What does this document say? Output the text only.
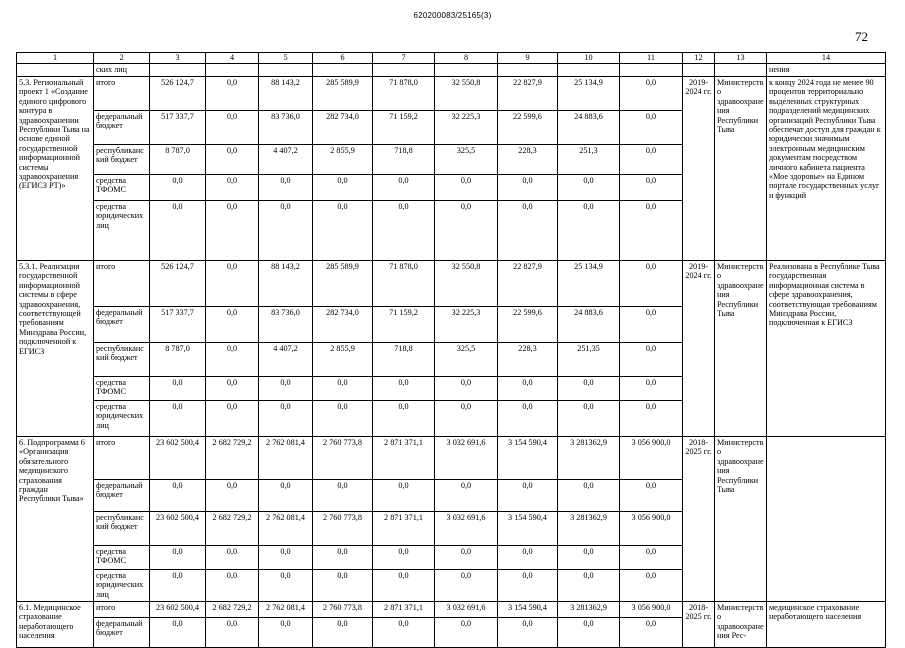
620200083/25165(3)
72
1	2	3	4	5	6	7	8	9	10	11	12	13	14
	ских лиц												нения
5.3. Региональный проект 1 «Создание единого цифрового контура в здравоохранении Республики Тыва на основе единой государственной информационной системы здравоохранения (ЕГИСЗ РТ)»	итого	526 124,7	0,0	88 143,2	285 589,9	71 878,0	32 550,8	22 827,9	25 134,9	0,0	2019-2024 гг.	Министерство здравоохранения Республики Тыва	к концу 2024 года не менее 90 процентов территориально выделенных структурных подразделений медицинских организаций Республики Тыва обеспечат доступ для граждан к юридически значимым электронным медицинским документам посредством личного кабинета пациента «Мое здоровье» на Едином портале государственных услуг и функций
	федеральный бюджет	517 337,7	0,0	83 736,0	282 734,0	71 159,2	32 225,3	22 599,6	24 883,6	0,0			
	республиканский бюджет	8 787,0	0,0	4 407,2	2 855,9	718,8	325,5	228,3	251,3	0,0			
	средства ТФОМС	0,0	0,0	0,0	0,0	0,0	0,0	0,0	0,0	0,0			
	средства юридических лиц	0,0	0,0	0,0	0,0	0,0	0,0	0,0	0,0	0,0			
5.3.1. Реализация государственной информационной системы в сфере здравоохранения, соответствующей требованиям Минздрава России, подключенной к ЕГИСЗ	итого	526 124,7	0,0	88 143,2	285 589,9	71 878,0	32 550,8	22 827,9	25 134,9	0,0	2019-2024 гг.	Министерство здравоохранения Республики Тыва	Реализована в Республике Тыва государственная информационная система в сфере здравоохранения, соответствующая требованиям Минздрава России, подключенная к ЕГИСЗ
	федеральный бюджет	517 337,7	0,0	83 736,0	282 734,0	71 159,2	32 225,3	22 599,6	24 883,6	0,0			
	республиканский бюджет	8 787,0	0,0	4 407,2	2 855,9	718,8	325,5	228,3	251,35	0,0			
	средства ТФОМС	0,0	0,0	0,0	0,0	0,0	0,0	0,0	0,0	0,0			
	средства юридических лиц	0,0	0,0	0,0	0,0	0,0	0,0	0,0	0,0	0,0			
6. Подпрограмма 6 «Организация обязательного медицинского страхования граждан Республики Тыва»	итого	23 602 500,4	2 682 729,2	2 762 081,4	2 760 773,8	2 871 371,1	3 032 691,6	3 154 590,4	3 281362,9	3 056 900,0	2018-2025 гг.	Министерство здравоохранения Республики Тыва	
	федеральный бюджет	0,0	0,0	0,0	0,0	0,0	0,0	0,0	0,0	0,0			
	республиканский бюджет	23 602 500,4	2 682 729,2	2 762 081,4	2 760 773,8	2 871 371,1	3 032 691,6	3 154 590,4	3 281362,9	3 056 900,0			
	средства ТФОМС	0,0	0,0	0,0	0,0	0,0	0,0	0,0	0,0	0,0			
	средства юридических лиц	0,0	0,0	0,0	0,0	0,0	0,0	0,0	0,0	0,0			
6.1. Медицинское страхование неработающего населения	итого	23 602 500,4	2 682 729,2	2 762 081,4	2 760 773,8	2 871 371,1	3 032 691,6	3 154 590,4	3 281362,9	3 056 900,0	2018-2025 гг.	Министерство здравоохранения Рес-	медицинское страхование неработающего населения
	федеральный бюджет	0,0	0,0	0,0	0,0	0,0	0,0	0,0	0,0	0,0			
